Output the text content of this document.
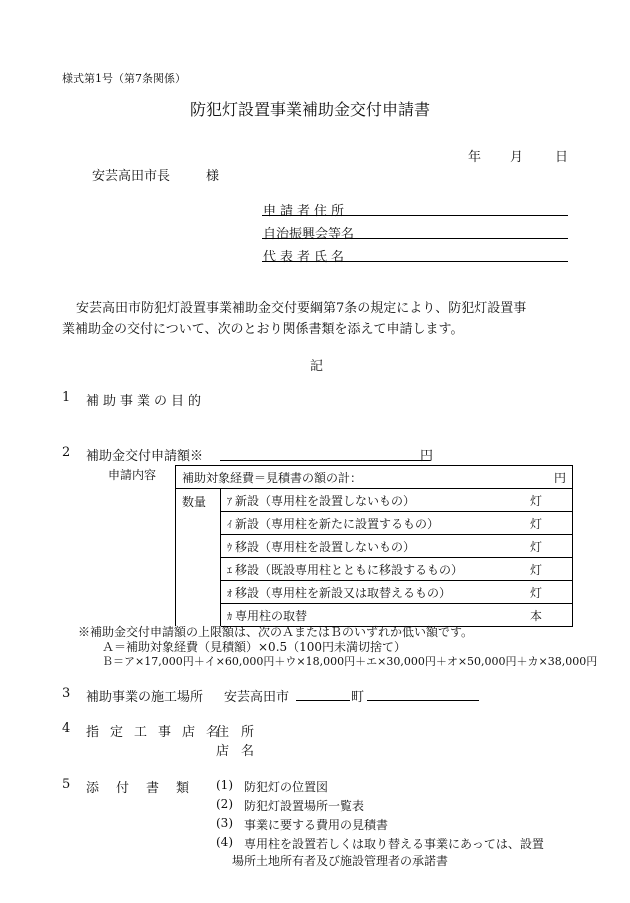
様式第1号（第7条関係）
防犯灯設置事業補助金交付申請書
年 月 日
安芸高田市長	様
申請者住所
自治振興会等名
代表者氏名
安芸高田市防犯灯設置事業補助金交付要綱第7条の規定により、防犯灯設置事
業補助金の交付について、次のとおり関係書類を添えて申請します。
記
1 補助事業の目的
2 補助金交付申請額※	円
申請内容 補助対象経費＝見積書の額の計：	円

数量	ｱ 新設（専用柱を設置しないもの）	灯

ｲ 新設（専用柱を新たに設置するもの）	灯

ｳ 移設（専用柱を設置しないもの）	灯

ｴ 移設（既設専用柱とともに移設するもの）	灯

ｵ 移設（専用柱を新設又は取替えるもの）	灯

ｶ 専用柱の取替	本
※補助金交付申請額の上限額は、次のＡまたはＢのいずれか低い額です。
Ａ＝補助対象経費（見積額）×0.5（100円未満切捨て）
Ｂ＝ア×17,000円＋イ×60,000円＋ウ×18,000円＋エ×30,000円＋オ×50,000円＋カ×38,000円
3 補助事業の施工場所 安芸高田市	町
4 指定工事店名
住所
店名
5 添付書類 (1) 防犯灯の位置図
(2) 防犯灯設置場所一覧表
(3) 事業に要する費用の見積書
(4) 専用柱を設置若しくは取り替える事業にあっては、設置
場所土地所有者及び施設管理者の承諾書
